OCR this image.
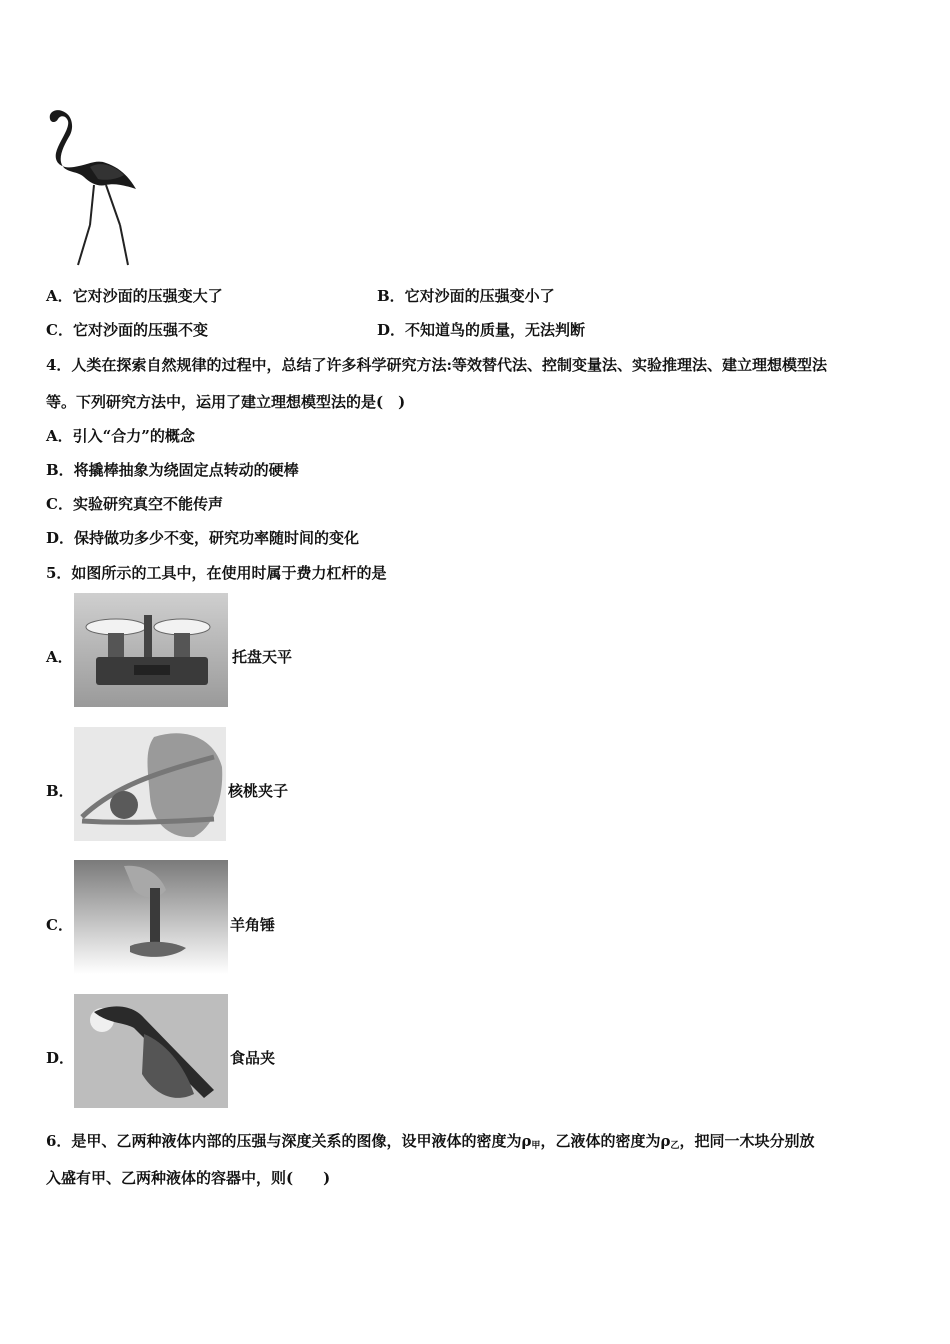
A．它对沙面的压强变大了	B．它对沙面的压强变小了
C．它对沙面的压强不变	D．不知道鸟的质量，无法判断
4．人类在探索自然规律的过程中，总结了许多科学研究方法:等效替代法、控制变量法、实验推理法、建立理想模型法
等。下列研究方法中，运用了建立理想模型法的是(　)
A．引入“合力”的概念
B．将撬棒抽象为绕固定点转动的硬棒
C．实验研究真空不能传声
D．保持做功多少不变，研究功率随时间的变化
5．如图所示的工具中，在使用时属于费力杠杆的是
A．	托盘天平
B．	核桃夹子
C．	羊角锤
D．	食品夹
6．是甲、乙两种液体内部的压强与深度关系的图像，设甲液体的密度为$\rho_甲$，乙液体的密度为$\rho_乙$，把同一木块分别放
入盛有甲、乙两种液体的容器中，则(　　)
